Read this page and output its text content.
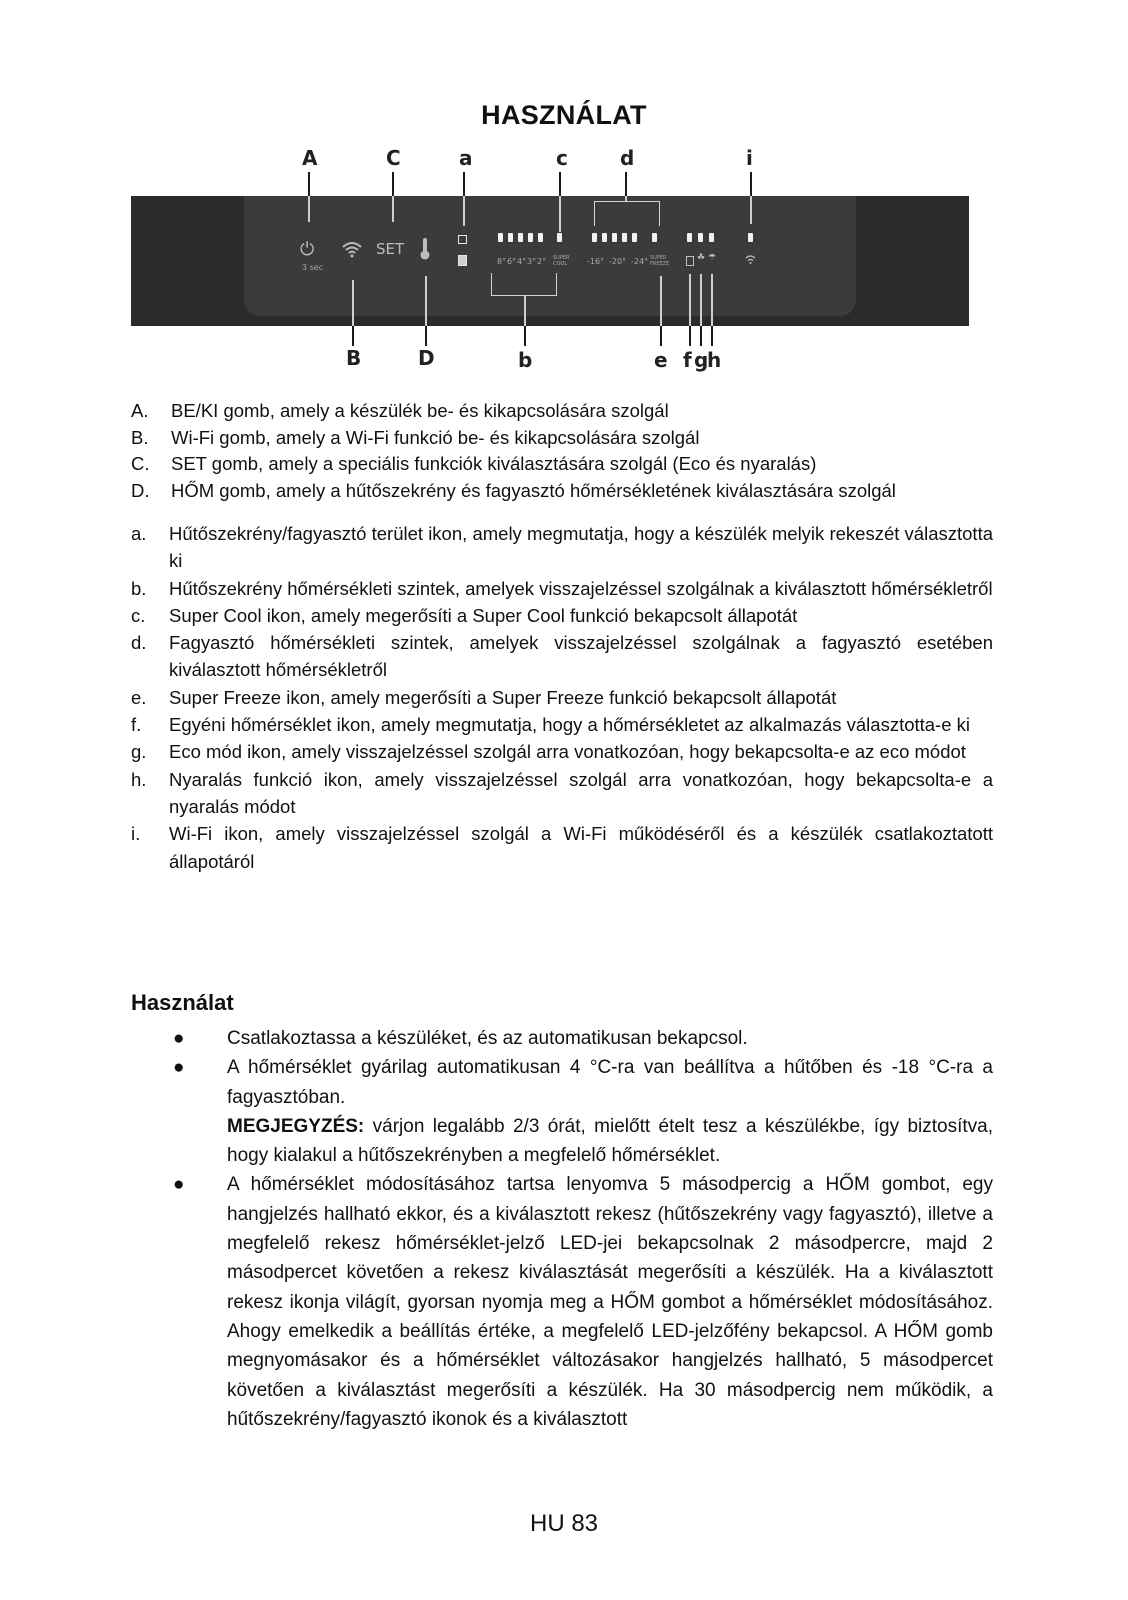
HASZNÁLAT
A	C	a	c	d	i
⏻
3 sec
SET
8° 6° 4° 3° 2° SUPER COOL	-16° -20° -24° SUPER FREEZE
☘ ☂
B	D	b	e f g
h
A. BE/KI gomb, amely a készülék be- és kikapcsolására szolgál
B. Wi-Fi gomb, amely a Wi-Fi funkció be- és kikapcsolására szolgál
C. SET gomb, amely a speciális funkciók kiválasztására szolgál (Eco és nyaralás)
D. HŐM gomb, amely a hűtőszekrény és fagyasztó hőmérsékletének kiválasztására szolgál
a. Hűtőszekrény/fagyasztó terület ikon, amely megmutatja, hogy a készülék melyik rekeszét választotta ki
b. Hűtőszekrény hőmérsékleti szintek, amelyek visszajelzéssel szolgálnak a kiválasztott hőmérsékletről
c. Super Cool ikon, amely megerősíti a Super Cool funkció bekapcsolt állapotát
d. Fagyasztó hőmérsékleti szintek, amelyek visszajelzéssel szolgálnak a fagyasztó esetében kiválasztott hőmérsékletről
e. Super Freeze ikon, amely megerősíti a Super Freeze funkció bekapcsolt állapotát
f. Egyéni hőmérséklet ikon, amely megmutatja, hogy a hőmérsékletet az alkalmazás választotta-e ki
g. Eco mód ikon, amely visszajelzéssel szolgál arra vonatkozóan, hogy bekapcsolta-e az eco módot
h. Nyaralás funkció ikon, amely visszajelzéssel szolgál arra vonatkozóan, hogy bekapcsolta-e a nyaralás módot
i. Wi-Fi ikon, amely visszajelzéssel szolgál a Wi-Fi működéséről és a készülék csatlakoztatott állapotáról
Használat
● Csatlakoztassa a készüléket, és az automatikusan bekapcsol.
● A hőmérséklet gyárilag automatikusan 4 °C-ra van beállítva a hűtőben és -18 °C-ra a fagyasztóban.
MEGJEGYZÉS: várjon legalább 2/3 órát, mielőtt ételt tesz a készülékbe, így biztosítva, hogy kialakul a hűtőszekrényben a megfelelő hőmérséklet.
● A hőmérséklet módosításához tartsa lenyomva 5 másodpercig a HŐM gombot, egy hangjelzés hallható ekkor, és a kiválasztott rekesz (hűtőszekrény vagy fagyasztó), illetve a megfelelő rekesz hőmérséklet-jelző LED-jei bekapcsolnak 2 másodpercre, majd 2 másodpercet követően a rekesz kiválasztását megerősíti a készülék. Ha a kiválasztott rekesz ikonja világít, gyorsan nyomja meg a HŐM gombot a hőmérséklet módosításához. Ahogy emelkedik a beállítás értéke, a megfelelő LED-jelzőfény bekapcsol. A HŐM gomb megnyomásakor és a hőmérséklet változásakor hangjelzés hallható, 5 másodpercet követően a kiválasztást megerősíti a készülék. Ha 30 másodpercig nem működik, a hűtőszekrény/fagyasztó ikonok és a kiválasztott
HU 83
